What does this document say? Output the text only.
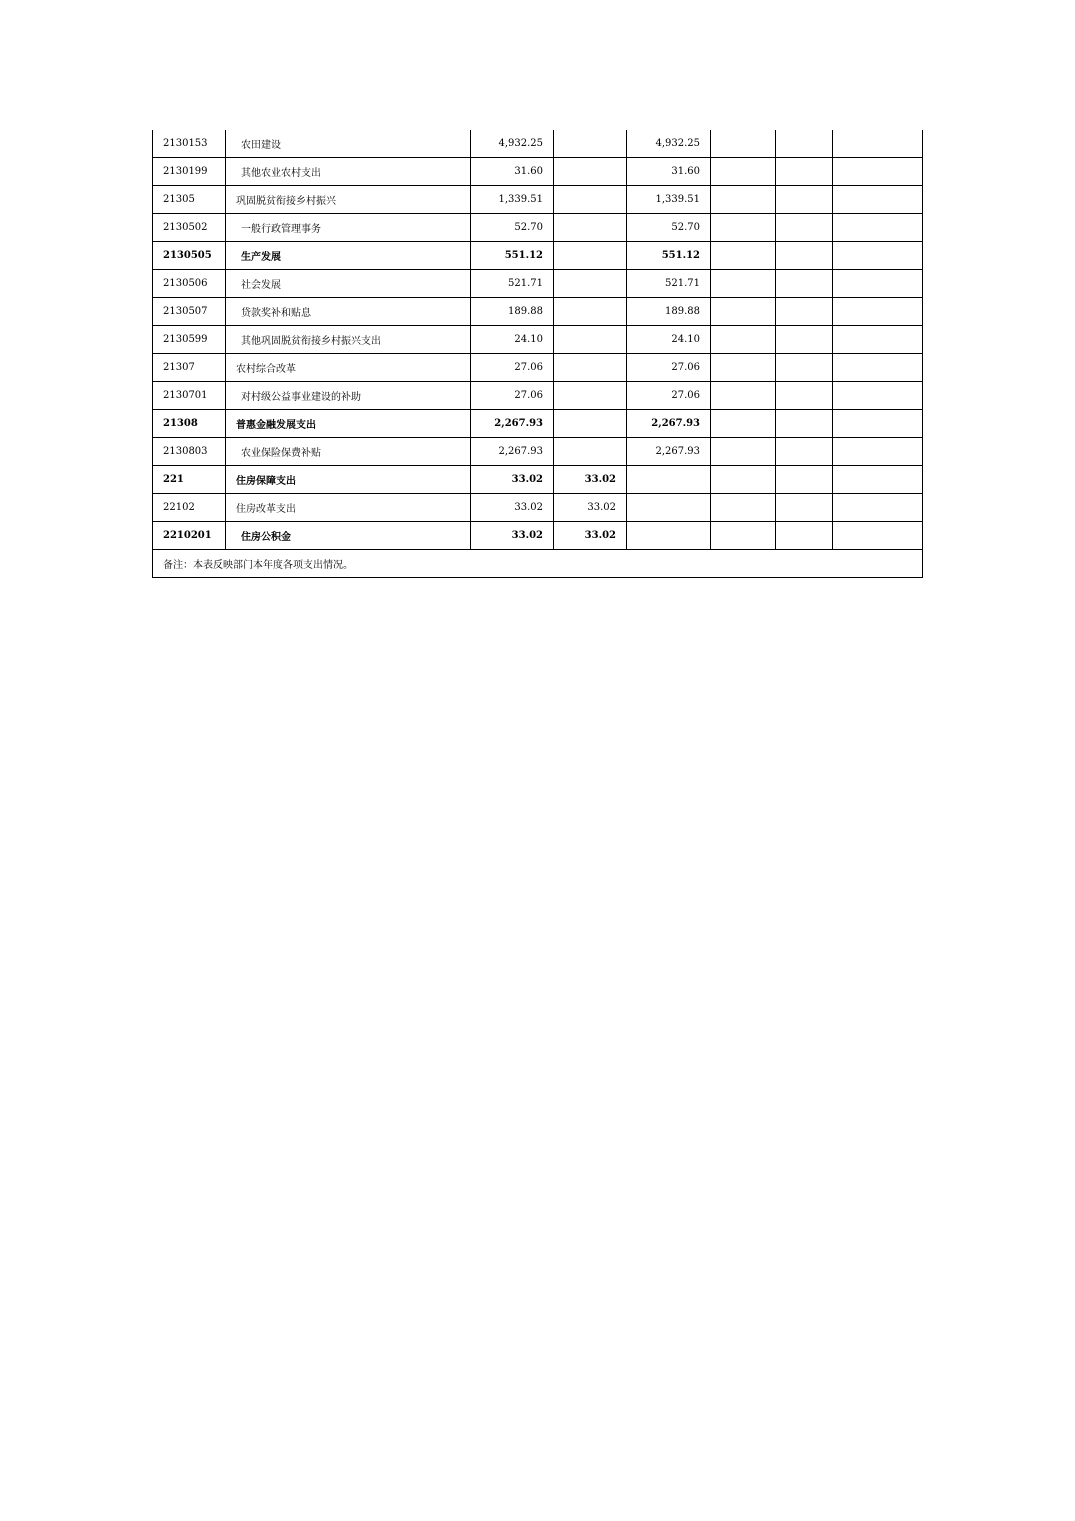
2130153	农田建设	4,932.25		4,932.25			
2130199	其他农业农村支出	31.60		31.60			
21305	巩固脱贫衔接乡村振兴	1,339.51		1,339.51			
2130502	一般行政管理事务	52.70		52.70			
2130505	生产发展	551.12		551.12			
2130506	社会发展	521.71		521.71			
2130507	贷款奖补和贴息	189.88		189.88			
2130599	其他巩固脱贫衔接乡村振兴支出	24.10		24.10			
21307	农村综合改革	27.06		27.06			
2130701	对村级公益事业建设的补助	27.06		27.06			
21308	普惠金融发展支出	2,267.93		2,267.93			
2130803	农业保险保费补贴	2,267.93		2,267.93			
221	住房保障支出	33.02	33.02				
22102	住房改革支出	33.02	33.02				
2210201	住房公积金	33.02	33.02				
备注：本表反映部门本年度各项支出情况。							
